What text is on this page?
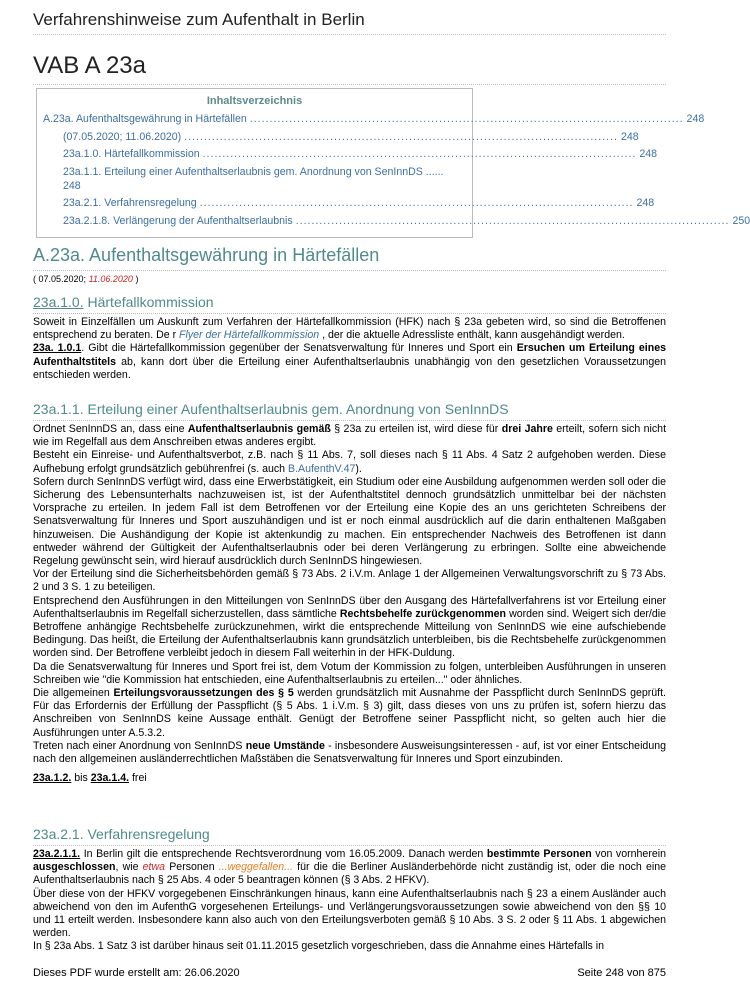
Verfahrenshinweise zum Aufenthalt in Berlin
VAB A 23a
Inhaltsverzeichnis
A.23a. Aufenthaltsgewährung in Härtefällen .............................................................................................................. 248
(07.05.2020; 11.06.2020) .............................................................................................................. 248
23a.1.0. Härtefallkommission .............................................................................................................. 248
23a.1.1. Erteilung einer Aufenthaltserlaubnis gem. Anordnung von SenInnDS ......
248
23a.2.1. Verfahrensregelung .............................................................................................................. 248
23a.2.1.8. Verlängerung der Aufenthaltserlaubnis .............................................................................................................. 250
A.23a. Aufenthaltsgewährung in Härtefällen
( 07.05.2020; 11.06.2020 )
23a.1.0. Härtefallkommission

Soweit in Einzelfällen um Auskunft zum Verfahren der Härtefallkommission (HFK) nach § 23a gebeten wird, so sind die Betroffenen entsprechend zu beraten. De r Flyer der Härtefallkommission , der die aktuelle Adressliste enthält, kann ausgehändigt werden.

23a. 1.0.1. Gibt die Härtefallkommission gegenüber der Senatsverwaltung für Inneres und Sport ein Ersuchen um Erteilung eines Aufenthaltstitels ab, kann dort über die Erteilung einer Aufenthaltserlaubnis unabhängig von den gesetzlichen Voraussetzungen entschieden werden.

23a.1.1. Erteilung einer Aufenthaltserlaubnis gem. Anordnung von SenInnDS

Ordnet SenInnDS an, dass eine Aufenthaltserlaubnis gemäß § 23a zu erteilen ist, wird diese für drei Jahre erteilt, sofern sich nicht wie im Regelfall aus dem Anschreiben etwas anderes ergibt.

Besteht ein Einreise- und Aufenthaltsverbot, z.B. nach § 11 Abs. 7, soll dieses nach § 11 Abs. 4 Satz 2 aufgehoben werden. Diese Aufhebung erfolgt grundsätzlich gebührenfrei (s. auch B.AufenthV.47).

Sofern durch SenInnDS verfügt wird, dass eine Erwerbstätigkeit, ein Studium oder eine Ausbildung aufgenommen werden soll oder die Sicherung des Lebensunterhalts nachzuweisen ist, ist der Aufenthaltstitel dennoch grundsätzlich unmittelbar bei der nächsten Vorsprache zu erteilen. In jedem Fall ist dem Betroffenen vor der Erteilung eine Kopie des an uns gerichteten Schreibens der Senatsverwaltung für Inneres und Sport auszuhändigen und ist er noch einmal ausdrücklich auf die darin enthaltenen Maßgaben hinzuweisen. Die Aushändigung der Kopie ist aktenkundig zu machen. Ein entsprechender Nachweis des Betroffenen ist dann entweder während der Gültigkeit der Aufenthaltserlaubnis oder bei deren Verlängerung zu erbringen. Sollte eine abweichende Regelung gewünscht sein, wird hierauf ausdrücklich durch SenInnDS hingewiesen.

Vor der Erteilung sind die Sicherheitsbehörden gemäß § 73 Abs. 2 i.V.m. Anlage 1 der Allgemeinen Verwaltungsvorschrift zu § 73 Abs. 2 und 3 S. 1 zu beteiligen.

Entsprechend den Ausführungen in den Mitteilungen von SenInnDS über den Ausgang des Härtefallverfahrens ist vor Erteilung einer Aufenthaltserlaubnis im Regelfall sicherzustellen, dass sämtliche Rechtsbehelfe zurückgenommen worden sind. Weigert sich der/die Betroffene anhängige Rechtsbehelfe zurückzunehmen, wirkt die entsprechende Mitteilung von SenInnDS wie eine aufschiebende Bedingung. Das heißt, die Erteilung der Aufenthaltserlaubnis kann grundsätzlich unterbleiben, bis die Rechtsbehelfe zurückgenommen worden sind. Der Betroffene verbleibt jedoch in diesem Fall weiterhin in der HFK-Duldung.

Da die Senatsverwaltung für Inneres und Sport frei ist, dem Votum der Kommission zu folgen, unterbleiben Ausführungen in unseren Schreiben wie "die Kommission hat entschieden, eine Aufenthaltserlaubnis zu erteilen..." oder ähnliches.

Die allgemeinen Erteilungsvoraussetzungen des § 5 werden grundsätzlich mit Ausnahme der Passpflicht durch SenInnDS geprüft. Für das Erfordernis der Erfüllung der Passpflicht (§ 5 Abs. 1 i.V.m. § 3) gilt, dass dieses von uns zu prüfen ist, sofern hierzu das Anschreiben von SenInnDS keine Aussage enthält. Genügt der Betroffene seiner Passpflicht nicht, so gelten auch hier die Ausführungen unter A.5.3.2.

Treten nach einer Anordnung von SenInnDS neue Umstände - insbesondere Ausweisungsinteressen - auf, ist vor einer Entscheidung nach den allgemeinen ausländerrechtlichen Maßstäben die Senatsverwaltung für Inneres und Sport einzubinden.

23a.1.2. bis 23a.1.4. frei

23a.2.1. Verfahrensregelung

23a.2.1.1. In Berlin gilt die entsprechende Rechtsverordnung vom 16.05.2009. Danach werden bestimmte Personen von vornherein ausgeschlossen, wie etwa Personen ...weggefallen... für die die Berliner Ausländerbehörde nicht zuständig ist, oder die noch eine Aufenthaltserlaubnis nach § 25 Abs. 4 oder 5 beantragen können (§ 3 Abs. 2 HFKV).

Über diese von der HFKV vorgegebenen Einschränkungen hinaus, kann eine Aufenthaltserlaubnis nach § 23 a einem Ausländer auch abweichend von den im AufenthG vorgesehenen Erteilungs- und Verlängerungsvoraussetzungen sowie abweichend von den §§ 10 und 11 erteilt werden. Insbesondere kann also auch von den Erteilungsverboten gemäß § 10 Abs. 3 S. 2 oder § 11 Abs. 1 abgewichen werden.

In § 23a Abs. 1 Satz 3 ist darüber hinaus seit 01.11.2015 gesetzlich vorgeschrieben, dass die Annahme eines Härtefalls in

Dieses PDF wurde erstellt am: 26.06.2020	Seite 248 von 875
